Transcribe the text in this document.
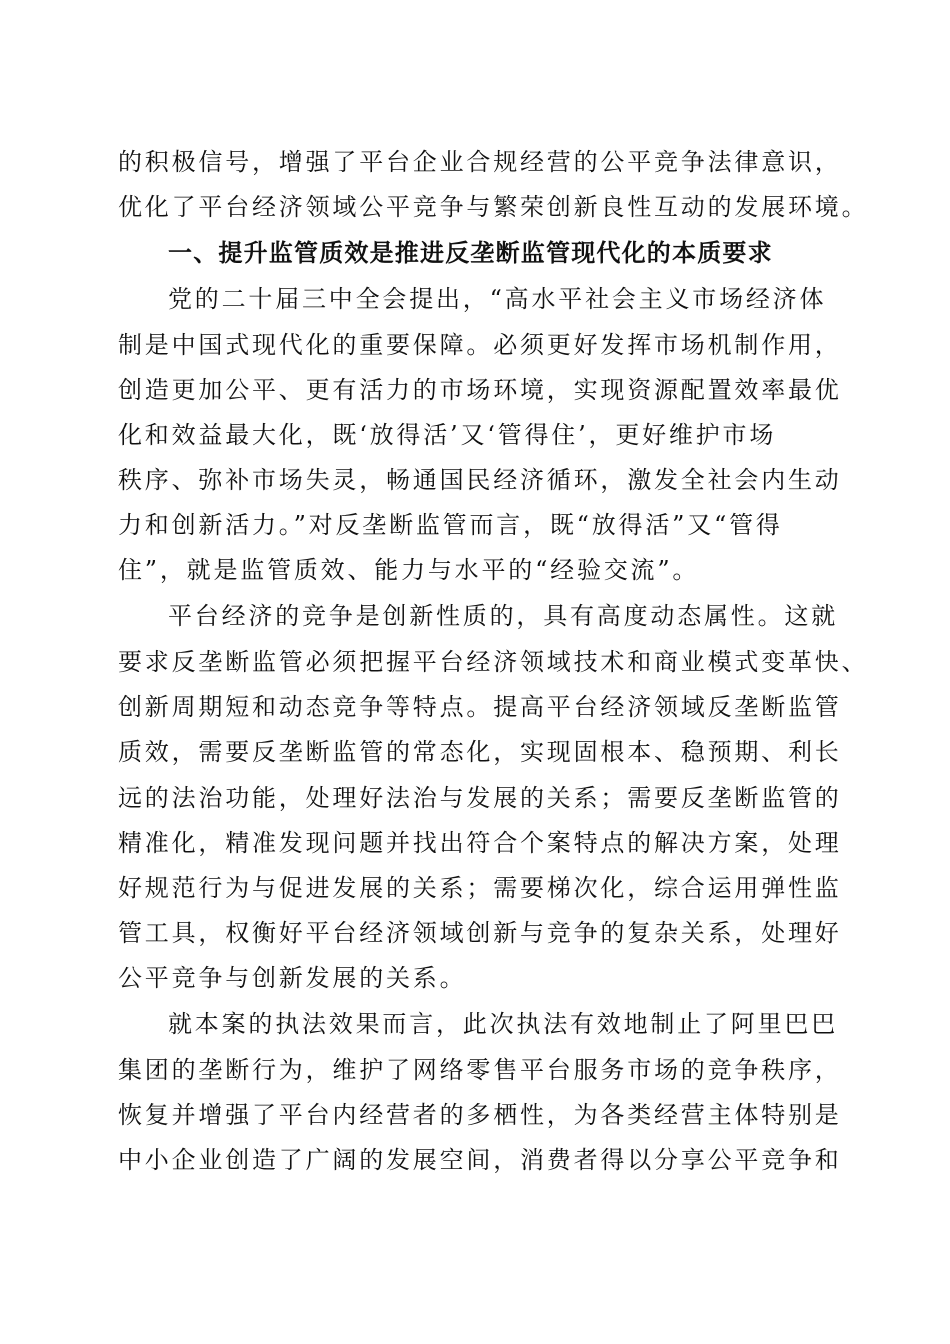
的积极信号，增强了平台企业合规经营的公平竞争法律意识，
优化了平台经济领域公平竞争与繁荣创新良性互动的发展环境。
一、提升监管质效是推进反垄断监管现代化的本质要求
党的二十届三中全会提出，“高水平社会主义市场经济体
制是中国式现代化的重要保障。必须更好发挥市场机制作用，
创造更加公平、更有活力的市场环境，实现资源配置效率最优
化和效益最大化，既‘放得活’又‘管得住’，更好维护市场
秩序、弥补市场失灵，畅通国民经济循环，激发全社会内生动
力和创新活力。”对反垄断监管而言，既“放得活”又“管得
住”，就是监管质效、能力与水平的“经验交流”。
平台经济的竞争是创新性质的，具有高度动态属性。这就
要求反垄断监管必须把握平台经济领域技术和商业模式变革快、
创新周期短和动态竞争等特点。提高平台经济领域反垄断监管
质效，需要反垄断监管的常态化，实现固根本、稳预期、利长
远的法治功能，处理好法治与发展的关系；需要反垄断监管的
精准化，精准发现问题并找出符合个案特点的解决方案，处理
好规范行为与促进发展的关系；需要梯次化，综合运用弹性监
管工具，权衡好平台经济领域创新与竞争的复杂关系，处理好
公平竞争与创新发展的关系。
就本案的执法效果而言，此次执法有效地制止了阿里巴巴
集团的垄断行为，维护了网络零售平台服务市场的竞争秩序，
恢复并增强了平台内经营者的多栖性，为各类经营主体特别是
中小企业创造了广阔的发展空间，消费者得以分享公平竞争和
